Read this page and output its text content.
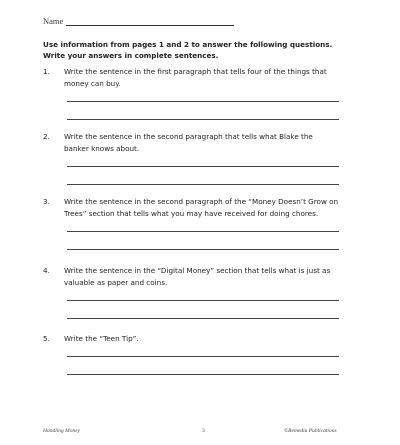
Name
Use information from pages 1 and 2 to answer the following questions.
Write your answers in complete sentences.
1. Write the sentence in the first paragraph that tells four of the things that
money can buy.
2. Write the sentence in the second paragraph that tells what Blake the
banker knows about.
3. Write the sentence in the second paragraph of the “Money Doesn’t Grow on
Trees” section that tells what you may have received for doing chores.
4. Write the sentence in the “Digital Money” section that tells what is just as
valuable as paper and coins.
5. Write the “Teen Tip”.
Handling Money	3	©Remedia Publications
